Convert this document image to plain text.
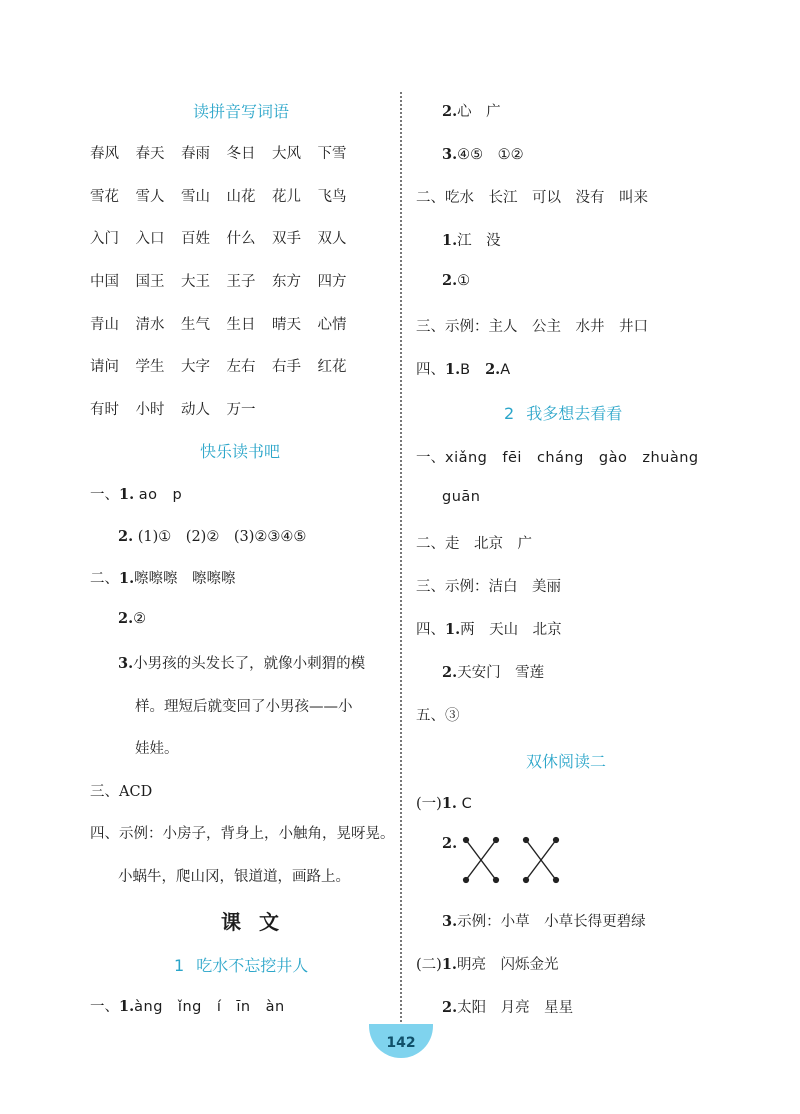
读拼音写词语
春风 春天 春雨 冬日 大风 下雪
雪花 雪人 雪山 山花 花儿 飞鸟
入门 入口 百姓 什么 双手 双人
中国 国王 大王 王子 东方 四方
青山 清水 生气 生日 晴天 心情
请问 学生 大字 左右 右手 红花
有时 小时 动人 万一
快乐读书吧
一、1. ao　p
2. (1)①　(2)②　(3)②③④⑤
二、1.嚓嚓嚓　嚓嚓嚓
2.②
3.小男孩的头发长了，就像小刺猬的模
样。理短后就变回了小男孩——小
娃娃。
三、ACD
四、示例：小房子，背身上，小触角，晃呀晃。
小蜗牛，爬山冈，银道道，画路上。
课文
1 吃水不忘挖井人
一、1.àng　ǐng　í　īn　àn
2.心　广
3.④⑤　①②
二、吃水　长江　可以　没有　叫来
1.江　没
2.①
三、示例：主人　公主　水井　井口
四、1.B　 2.A
2 我多想去看看
一、xiǎng　fēi　cháng　gào　zhuàng
guān
二、走　北京　广
三、示例：洁白　美丽
四、1.两　天山　北京
2.天安门　雪莲
五、③
双休阅读二
(一)1. C
2.
3.示例：小草　小草长得更碧绿
(二)1.明亮　闪烁金光
2.太阳　月亮　星星
142
